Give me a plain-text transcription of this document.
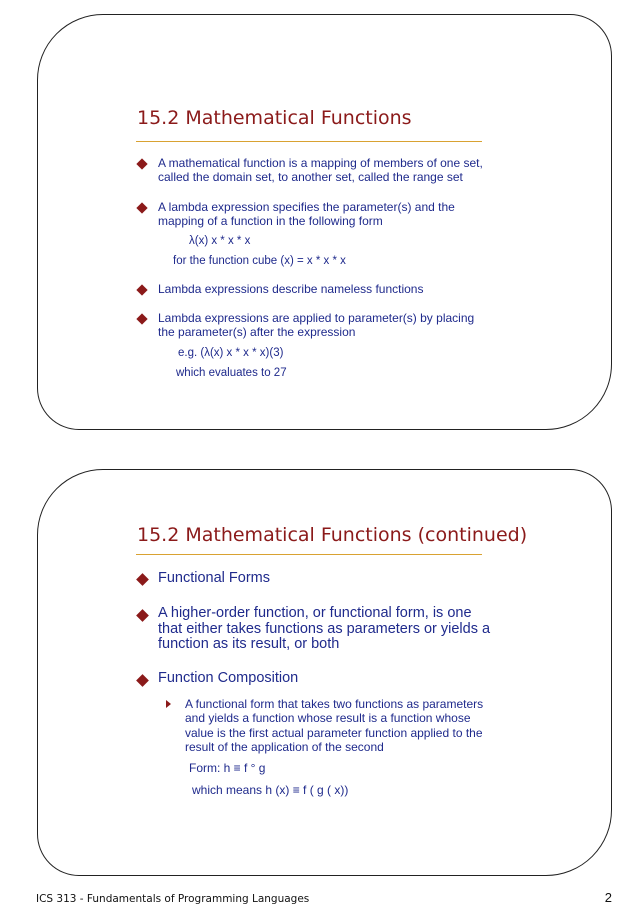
15.2 Mathematical Functions
A mathematical function is a mapping of members of one set,
called the domain set, to another set, called the range set
A lambda expression specifies the parameter(s) and the
mapping of a function in the following form
λ(x) x * x * x
for the function cube (x) = x * x * x
Lambda expressions describe nameless functions
Lambda expressions are applied to parameter(s) by placing
the parameter(s) after the expression
e.g. (λ(x) x * x * x)(3)
which evaluates to 27
15.2 Mathematical Functions (continued)
Functional Forms
A higher-order function, or functional form, is one
that either takes functions as parameters or yields a
function as its result, or both
Function Composition
A functional form that takes two functions as parameters
and yields a function whose result is a function whose
value is the first actual parameter function applied to the
result of the application of the second
Form: h ≡ f ° g
which means h (x) ≡ f ( g ( x))
ICS 313 - Fundamentals of Programming Languages	2
